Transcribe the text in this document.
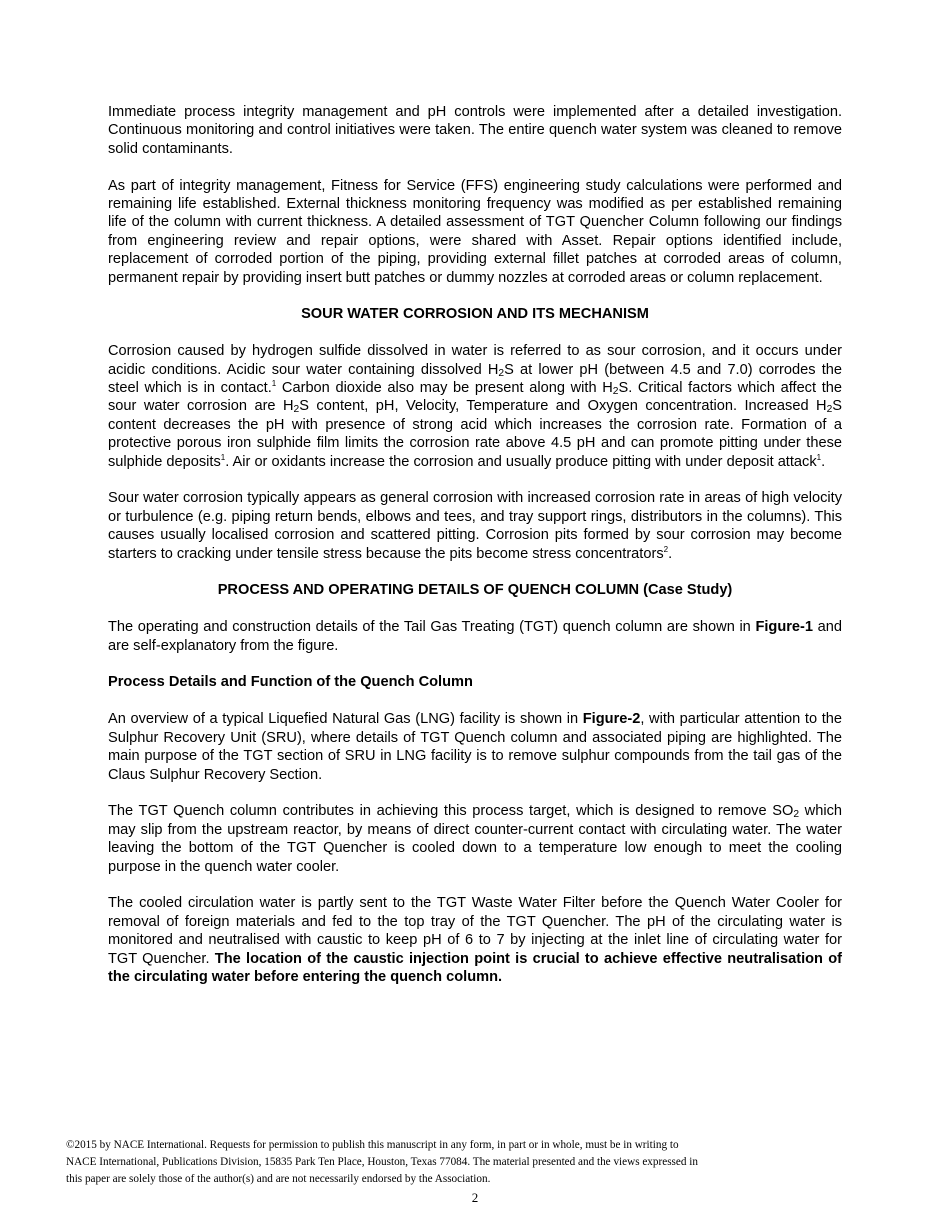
Immediate process integrity management and pH controls were implemented after a detailed investigation. Continuous monitoring and control initiatives were taken. The entire quench water system was cleaned to remove solid contaminants.

As part of integrity management, Fitness for Service (FFS) engineering study calculations were performed and remaining life established. External thickness monitoring frequency was modified as per established remaining life of the column with current thickness. A detailed assessment of TGT Quencher Column following our findings from engineering review and repair options, were shared with Asset. Repair options identified include, replacement of corroded portion of the piping, providing external fillet patches at corroded areas of column, permanent repair by providing insert butt patches or dummy nozzles at corroded areas or column replacement.

SOUR WATER CORROSION AND ITS MECHANISM

Corrosion caused by hydrogen sulfide dissolved in water is referred to as sour corrosion, and it occurs under acidic conditions. Acidic sour water containing dissolved $H_2S$ at lower pH (between 4.5 and 7.0) corrodes the steel which is in contact.$^1$ Carbon dioxide also may be present along with $H_2S$. Critical factors which affect the sour water corrosion are $H_2S$ content, pH, Velocity, Temperature and Oxygen concentration. Increased $H_2S$ content decreases the pH with presence of strong acid which increases the corrosion rate. Formation of a protective porous iron sulphide film limits the corrosion rate above 4.5 pH and can promote pitting under these sulphide deposits$^1$. Air or oxidants increase the corrosion and usually produce pitting with under deposit attack$^1$.

Sour water corrosion typically appears as general corrosion with increased corrosion rate in areas of high velocity or turbulence (e.g. piping return bends, elbows and tees, and tray support rings, distributors in the columns). This causes usually localised corrosion and scattered pitting. Corrosion pits formed by sour corrosion may become starters to cracking under tensile stress because the pits become stress concentrators$^2$.

PROCESS AND OPERATING DETAILS OF QUENCH COLUMN (Case Study)

The operating and construction details of the Tail Gas Treating (TGT) quench column are shown in Figure-1 and are self-explanatory from the figure.

Process Details and Function of the Quench Column

An overview of a typical Liquefied Natural Gas (LNG) facility is shown in Figure-2, with particular attention to the Sulphur Recovery Unit (SRU), where details of TGT Quench column and associated piping are highlighted. The main purpose of the TGT section of SRU in LNG facility is to remove sulphur compounds from the tail gas of the Claus Sulphur Recovery Section.

The TGT Quench column contributes in achieving this process target, which is designed to remove $SO_2$ which may slip from the upstream reactor, by means of direct counter-current contact with circulating water. The water leaving the bottom of the TGT Quencher is cooled down to a temperature low enough to meet the cooling purpose in the quench water cooler.

The cooled circulation water is partly sent to the TGT Waste Water Filter before the Quench Water Cooler for removal of foreign materials and fed to the top tray of the TGT Quencher. The pH of the circulating water is monitored and neutralised with caustic to keep pH of 6 to 7 by injecting at the inlet line of circulating water for TGT Quencher. The location of the caustic injection point is crucial to achieve effective neutralisation of the circulating water before entering the quench column.

©2015 by NACE International. Requests for permission to publish this manuscript in any form, in part or in whole, must be in writing to
NACE International, Publications Division, 15835 Park Ten Place, Houston, Texas 77084. The material presented and the views expressed in
this paper are solely those of the author(s) and are not necessarily endorsed by the Association.
2
